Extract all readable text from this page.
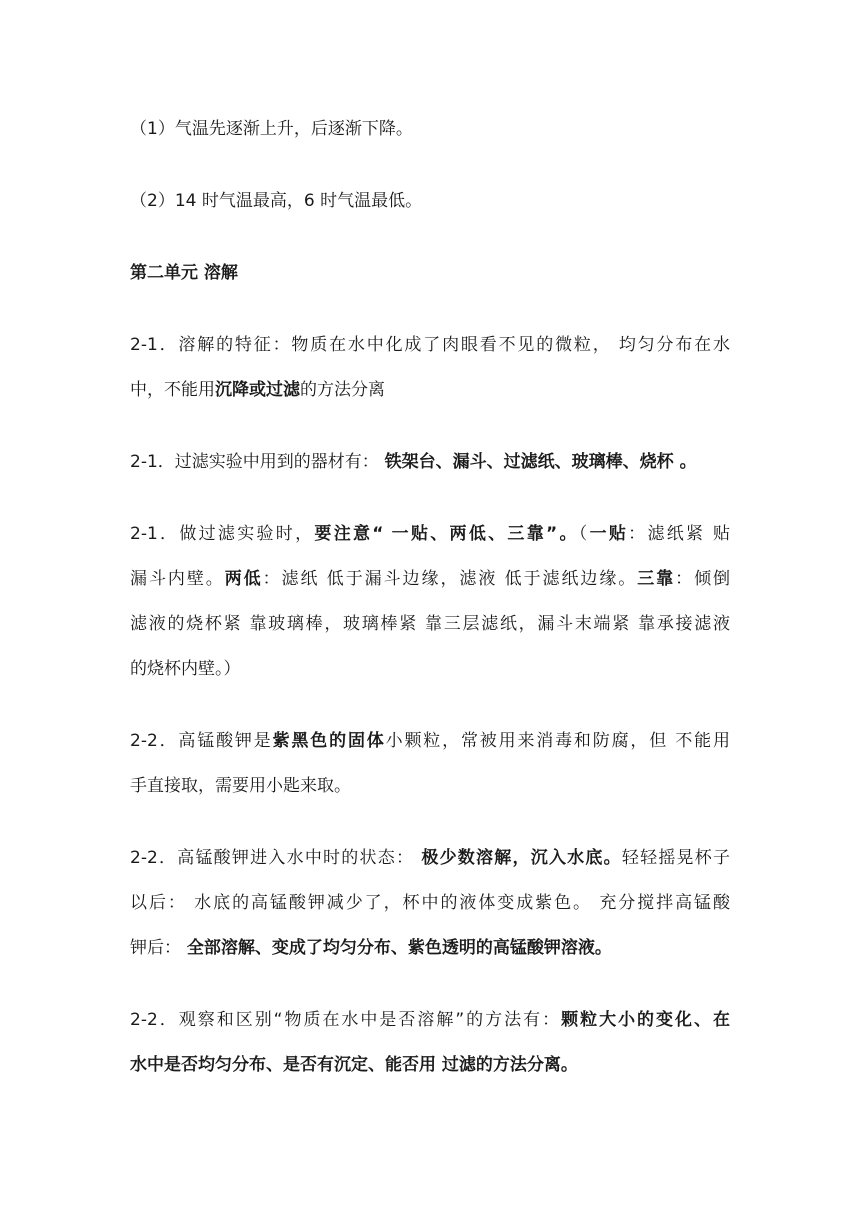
（1）气温先逐渐上升，后逐渐下降。
（2）14 时气温最高，6 时气温最低。
第二单元 溶解
2-1．溶解的特征：物质在水中化成了肉眼看不见的微粒， 均匀分布在水
中，不能用沉降或过滤的方法分离
2-1．过滤实验中用到的器材有： 铁架台、漏斗、过滤纸、玻璃棒、烧杯 。
2-1．做过滤实验时，要注意“ 一贴、两低、三靠”。（一贴：滤纸紧 贴
漏斗内壁。两低：滤纸 低于漏斗边缘，滤液 低于滤纸边缘。三靠：倾倒
滤液的烧杯紧 靠玻璃棒，玻璃棒紧 靠三层滤纸，漏斗末端紧 靠承接滤液
的烧杯内壁。）
2-2．高锰酸钾是紫黑色的固体小颗粒，常被用来消毒和防腐，但 不能用
手直接取，需要用小匙来取。
2-2．高锰酸钾进入水中时的状态： 极少数溶解，沉入水底。轻轻摇晃杯子
以后： 水底的高锰酸钾减少了，杯中的液体变成紫色。 充分搅拌高锰酸
钾后： 全部溶解、变成了均匀分布、紫色透明的高锰酸钾溶液。
2-2．观察和区别“物质在水中是否溶解”的方法有：颗粒大小的变化、在
水中是否均匀分布、是否有沉定、能否用 过滤的方法分离。
